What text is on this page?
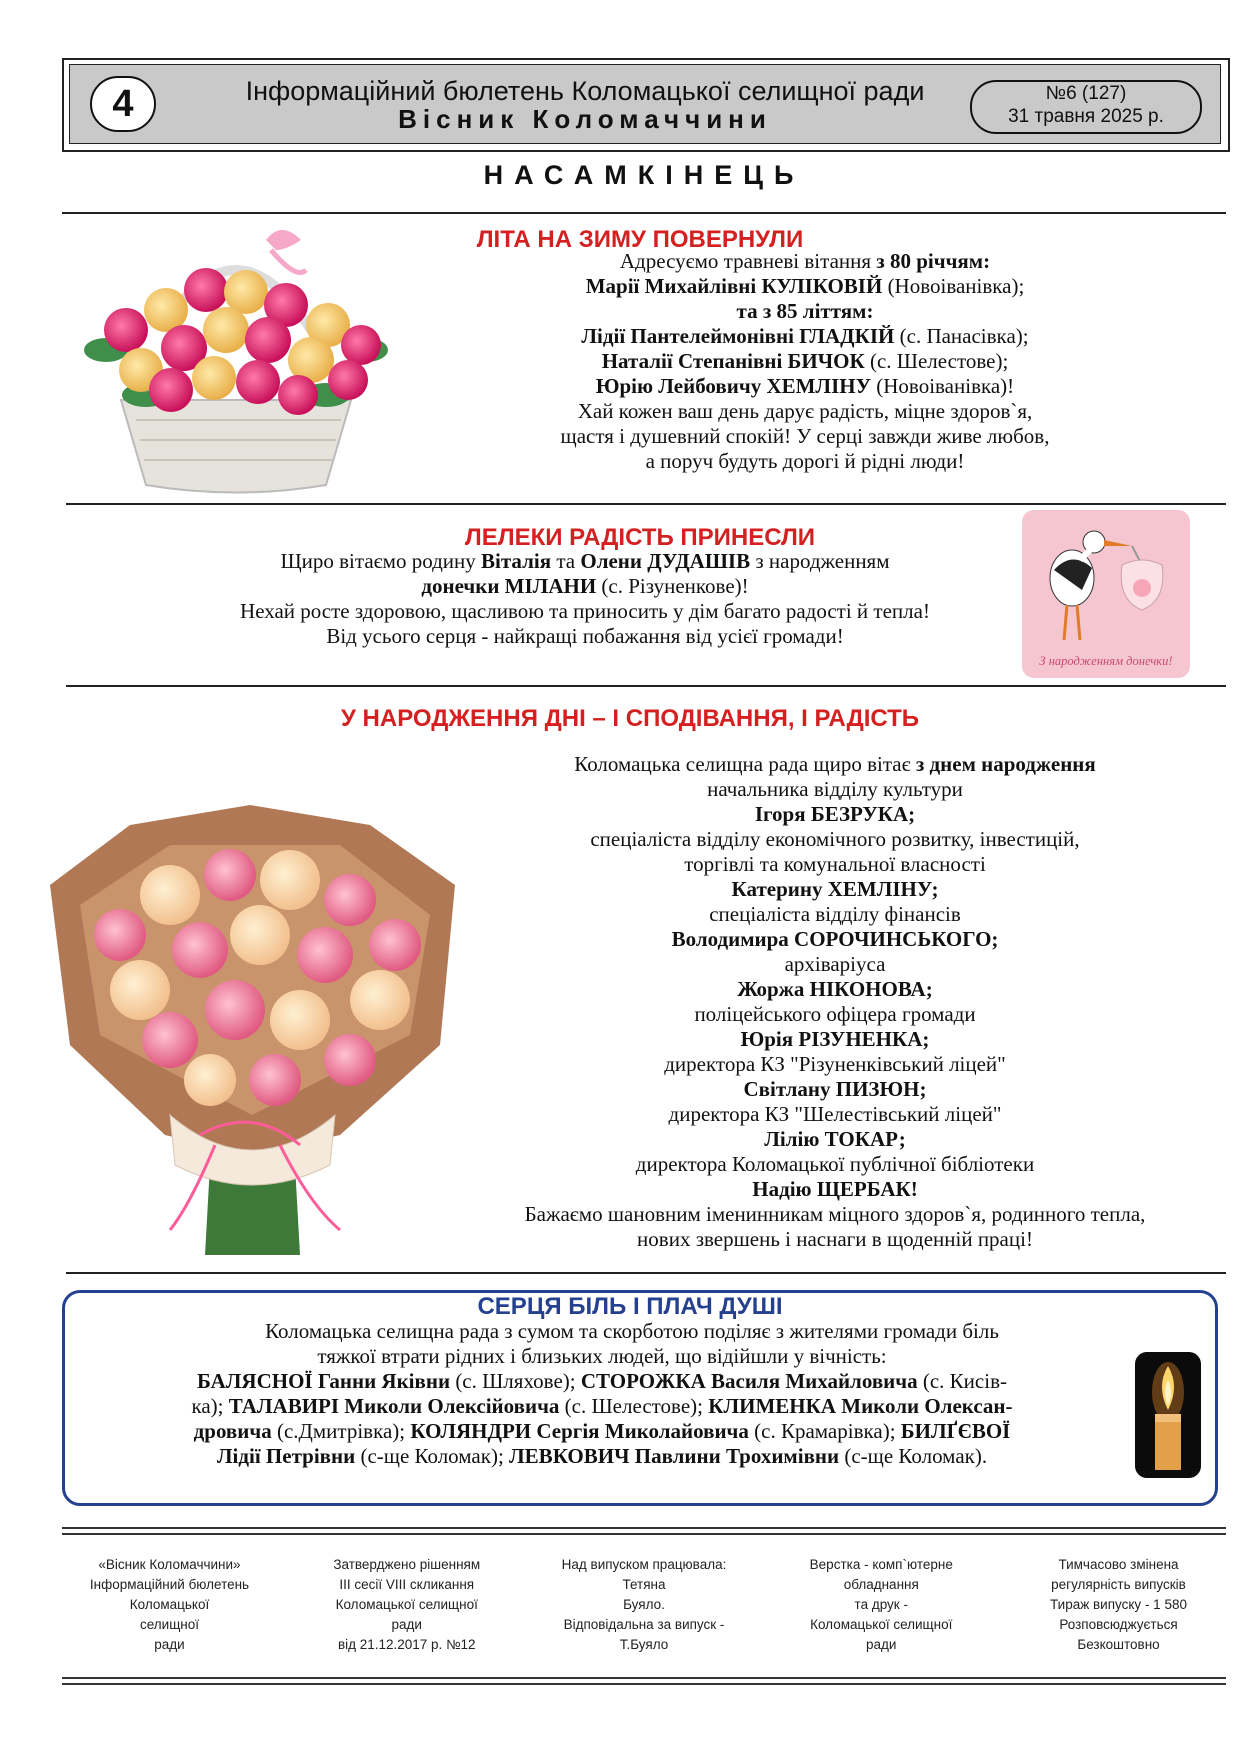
4	Інформаційний бюлетень Коломацької селищної ради
Вісник Коломаччини
№6 (127)
31 травня 2025 р.
НАСАМКІНЕЦЬ
ЛІТА НА ЗИМУ ПОВЕРНУЛИ
Адресуємо травневі вітання з 80 річчям:
Марії Михайлівні КУЛІКОВІЙ (Новоіванівка);
та з 85 літтям:
Лідії Пантелеймонівні ГЛАДКІЙ (с. Панасівка);
Наталії Степанівні БИЧОК (с. Шелестове);
Юрію Лейбовичу ХЕМЛІНУ (Новоіванівка)!
Хай кожен ваш день дарує радість, міцне здоров`я,
щастя і душевний спокій! У серці завжди живе любов,
а поруч будуть дорогі й рідні люди!
ЛЕЛЕКИ РАДІСТЬ ПРИНЕСЛИ
Щиро вітаємо родину Віталія та Олени ДУДАШІВ з народженням
донечки МІЛАНИ (с. Різуненкове)!
Нехай росте здоровою, щасливою та приносить у дім багато радості й тепла!
Від усього серця - найкращі побажання від усієї громади!
З народженням донечки!
У НАРОДЖЕННЯ ДНІ – І СПОДІВАННЯ, І РАДІСТЬ
Коломацька селищна рада щиро вітає з днем народження
начальника відділу культури
Ігоря БЕЗРУКА;
спеціаліста відділу економічного розвитку, інвестицій,
торгівлі та комунальної власності
Катерину ХЕМЛІНУ;
спеціаліста відділу фінансів
Володимира СОРОЧИНСЬКОГО;
архіваріуса
Жоржа НІКОНОВА;
поліцейського офіцера громади
Юрія РІЗУНЕНКА;
директора КЗ "Різуненківський ліцей"
Світлану ПИЗЮН;
директора КЗ "Шелестівський ліцей"
Лілію ТОКАР;
директора Коломацької публічної бібліотеки
Надію ЩЕРБАК!
Бажаємо шановним іменинникам міцного здоров`я, родинного тепла,
нових звершень і наснаги в щоденній праці!
СЕРЦЯ БІЛЬ І ПЛАЧ ДУШІ
Коломацька селищна рада з сумом та скорботою поділяє з жителями громади біль
тяжкої втрати рідних і близьких людей, що відійшли у вічність:
БАЛЯСНОЇ Ганни Яківни (с. Шляхове); СТОРОЖКА Василя Михайловича (с. Кисів-
ка); ТАЛАВИРІ Миколи Олексійовича (с. Шелестове); КЛИМЕНКА Миколи Олексан-
дровича (с.Дмитрівка); КОЛЯНДРИ Сергія Миколайовича (с. Крамарівка); БИЛҐЄВОЇ
Лідії Петрівни (с-ще Коломак); ЛЕВКОВИЧ Павлини Трохимівни (с-ще Коломак).
«Вісник Коломаччини»
Інформаційний бюлетень
Коломацької
селищної
ради
Затверджено рішенням
ІІІ сесії VIII скликання
Коломацької селищної
ради
від 21.12.2017 р. №12
Над випуском працювала:
Тетяна
Буяло.
Відповідальна за випуск -
Т.Буяло
Верстка - комп`ютерне
обладнання
та друк -
Коломацької селищної
ради
Тимчасово змінена
регулярність випусків
Тираж випуску - 1 580
Розповсюджується
Безкоштовно
